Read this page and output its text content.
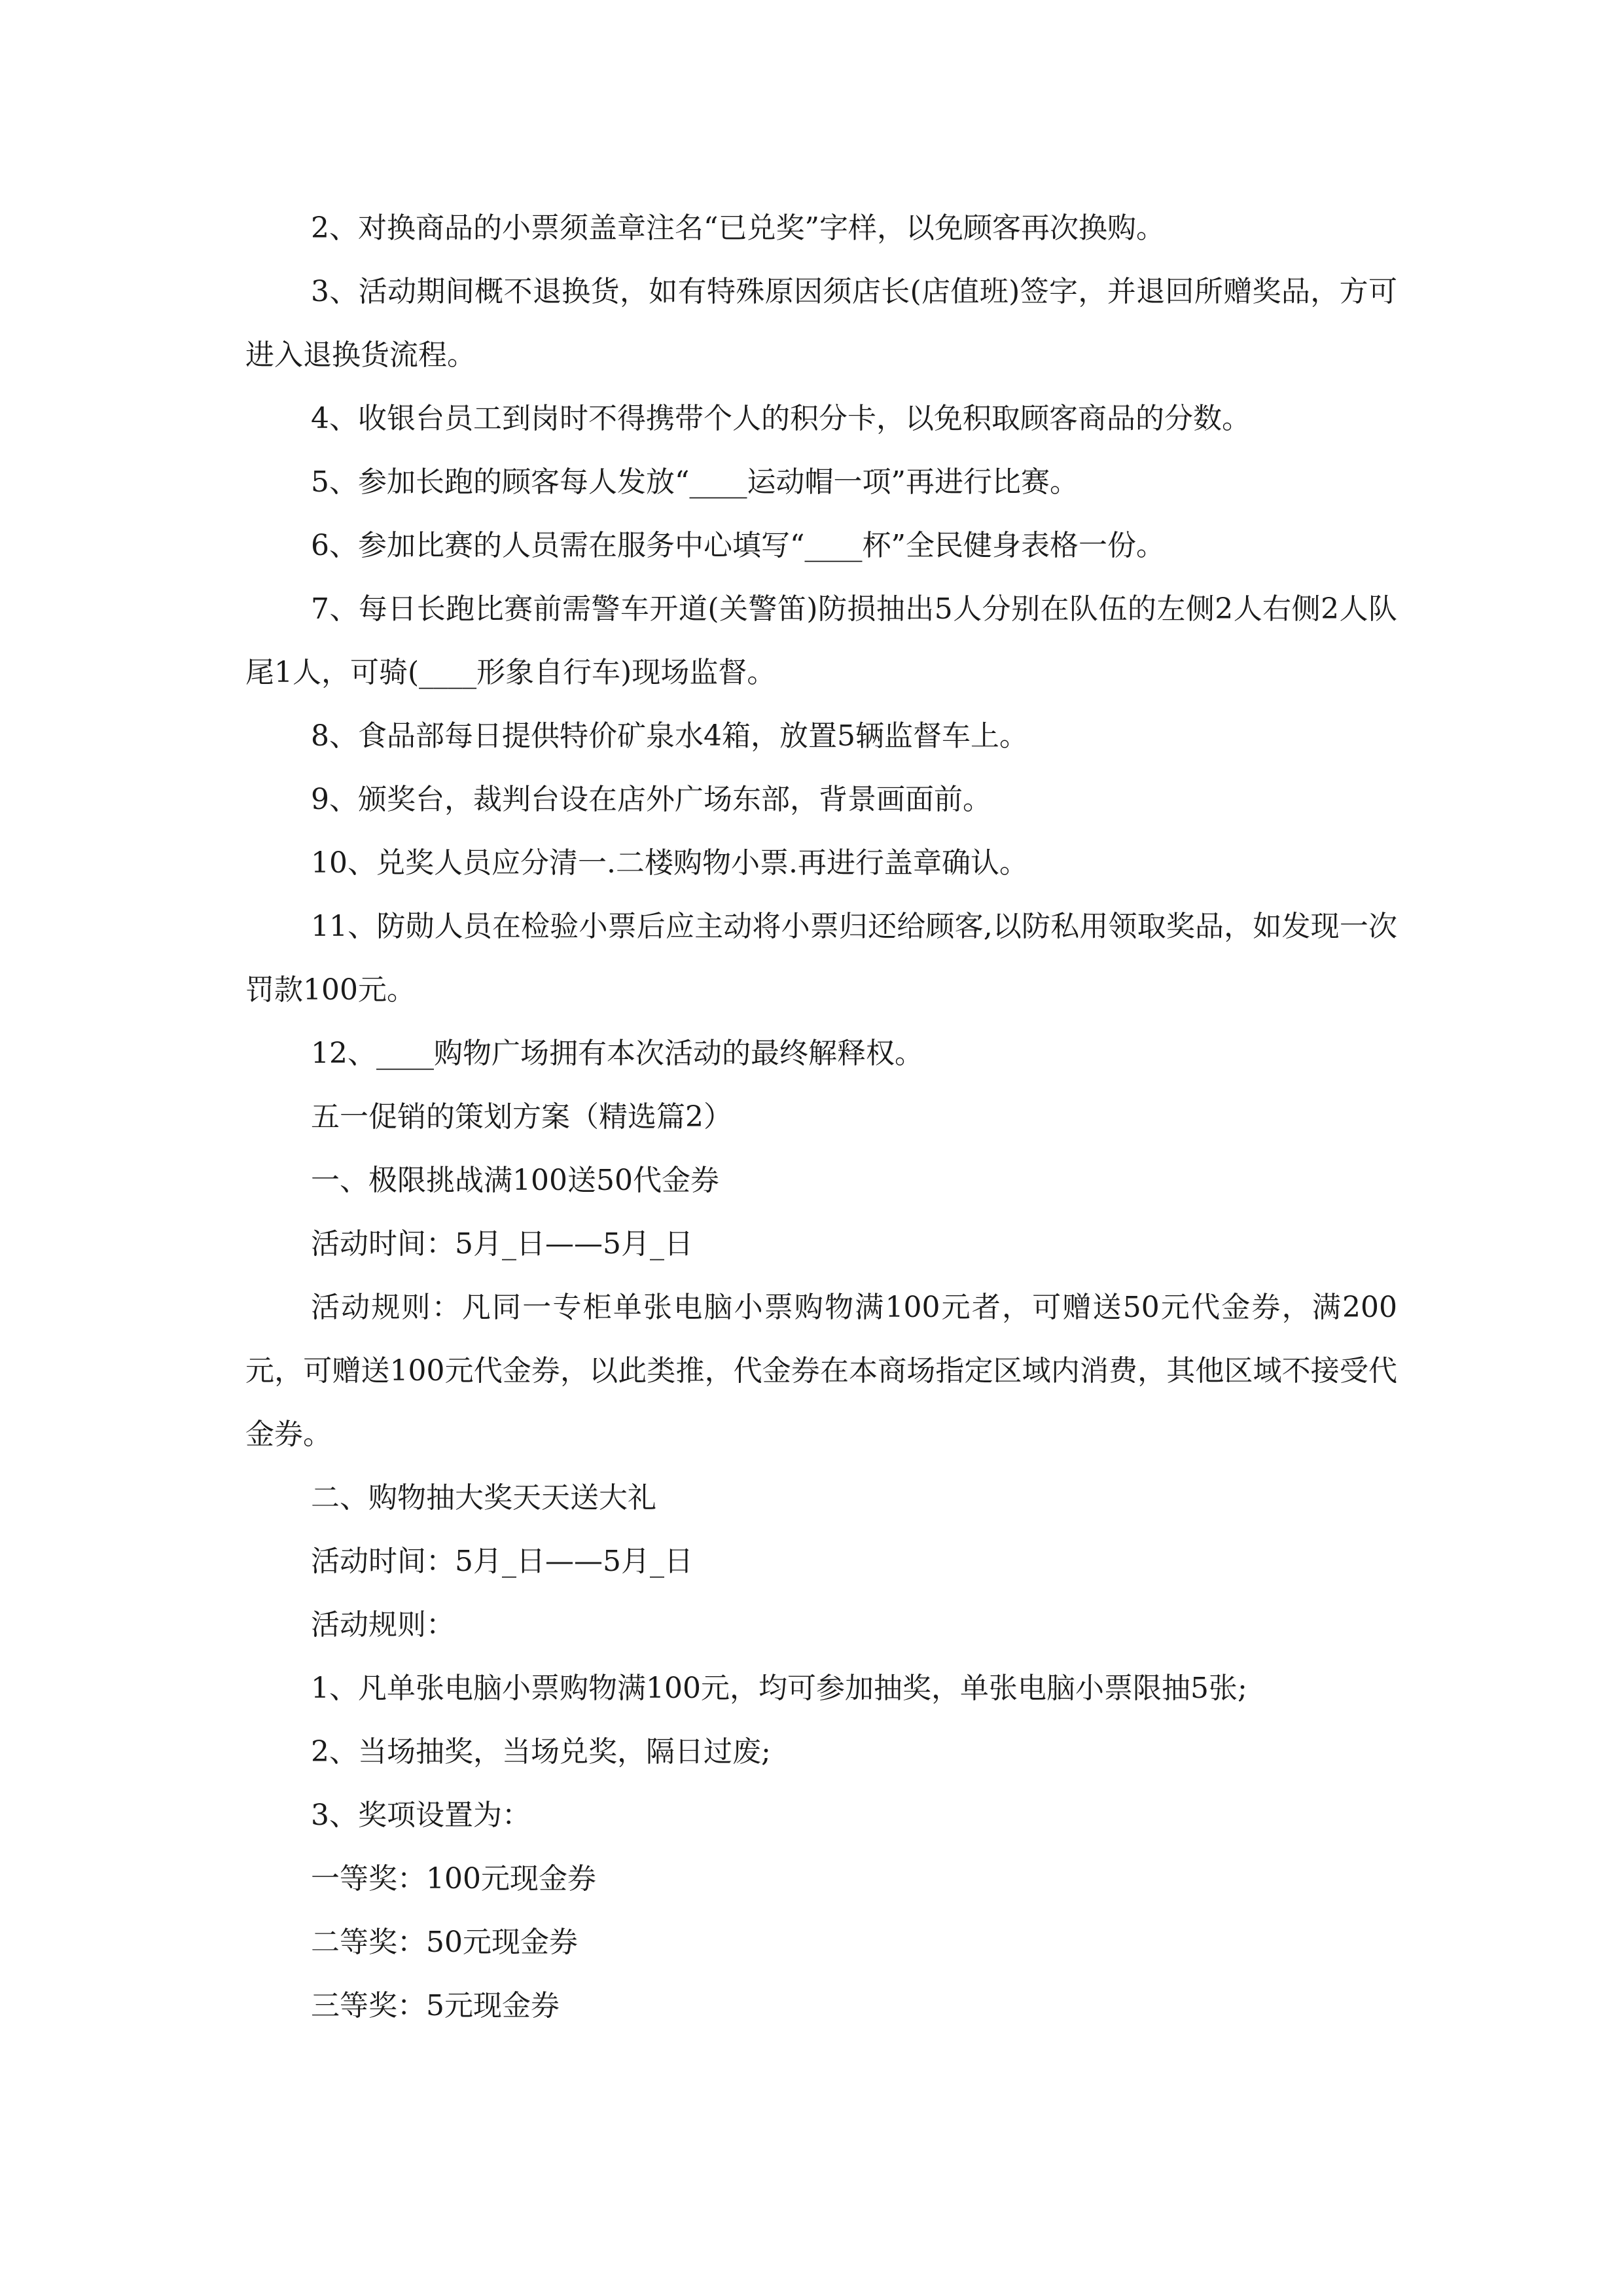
2、对换商品的小票须盖章注名“已兑奖”字样，以免顾客再次换购。

3、活动期间概不退换货，如有特殊原因须店长(店值班)签字，并退回所赠奖品，方可进入退换货流程。

4、收银台员工到岗时不得携带个人的积分卡，以免积取顾客商品的分数。

5、参加长跑的顾客每人发放“____运动帽一项”再进行比赛。

6、参加比赛的人员需在服务中心填写“____杯”全民健身表格一份。

7、每日长跑比赛前需警车开道(关警笛)防损抽出5人分别在队伍的左侧2人右侧2人队尾1人，可骑(____形象自行车)现场监督。

8、食品部每日提供特价矿泉水4箱，放置5辆监督车上。

9、颁奖台，裁判台设在店外广场东部，背景画面前。

10、兑奖人员应分清一.二楼购物小票.再进行盖章确认。

11、防勋人员在检验小票后应主动将小票归还给顾客,以防私用领取奖品，如发现一次罚款100元。

12、____购物广场拥有本次活动的最终解释权。

五一促销的策划方案（精选篇2）

一、极限挑战满100送50代金券

活动时间：5月_日——5月_日

活动规则：凡同一专柜单张电脑小票购物满100元者，可赠送50元代金券，满200元，可赠送100元代金券，以此类推，代金券在本商场指定区域内消费，其他区域不接受代金券。

二、购物抽大奖天天送大礼

活动时间：5月_日——5月_日

活动规则：

1、凡单张电脑小票购物满100元，均可参加抽奖，单张电脑小票限抽5张;

2、当场抽奖，当场兑奖，隔日过废;

3、奖项设置为：

一等奖：100元现金券

二等奖：50元现金券

三等奖：5元现金券
